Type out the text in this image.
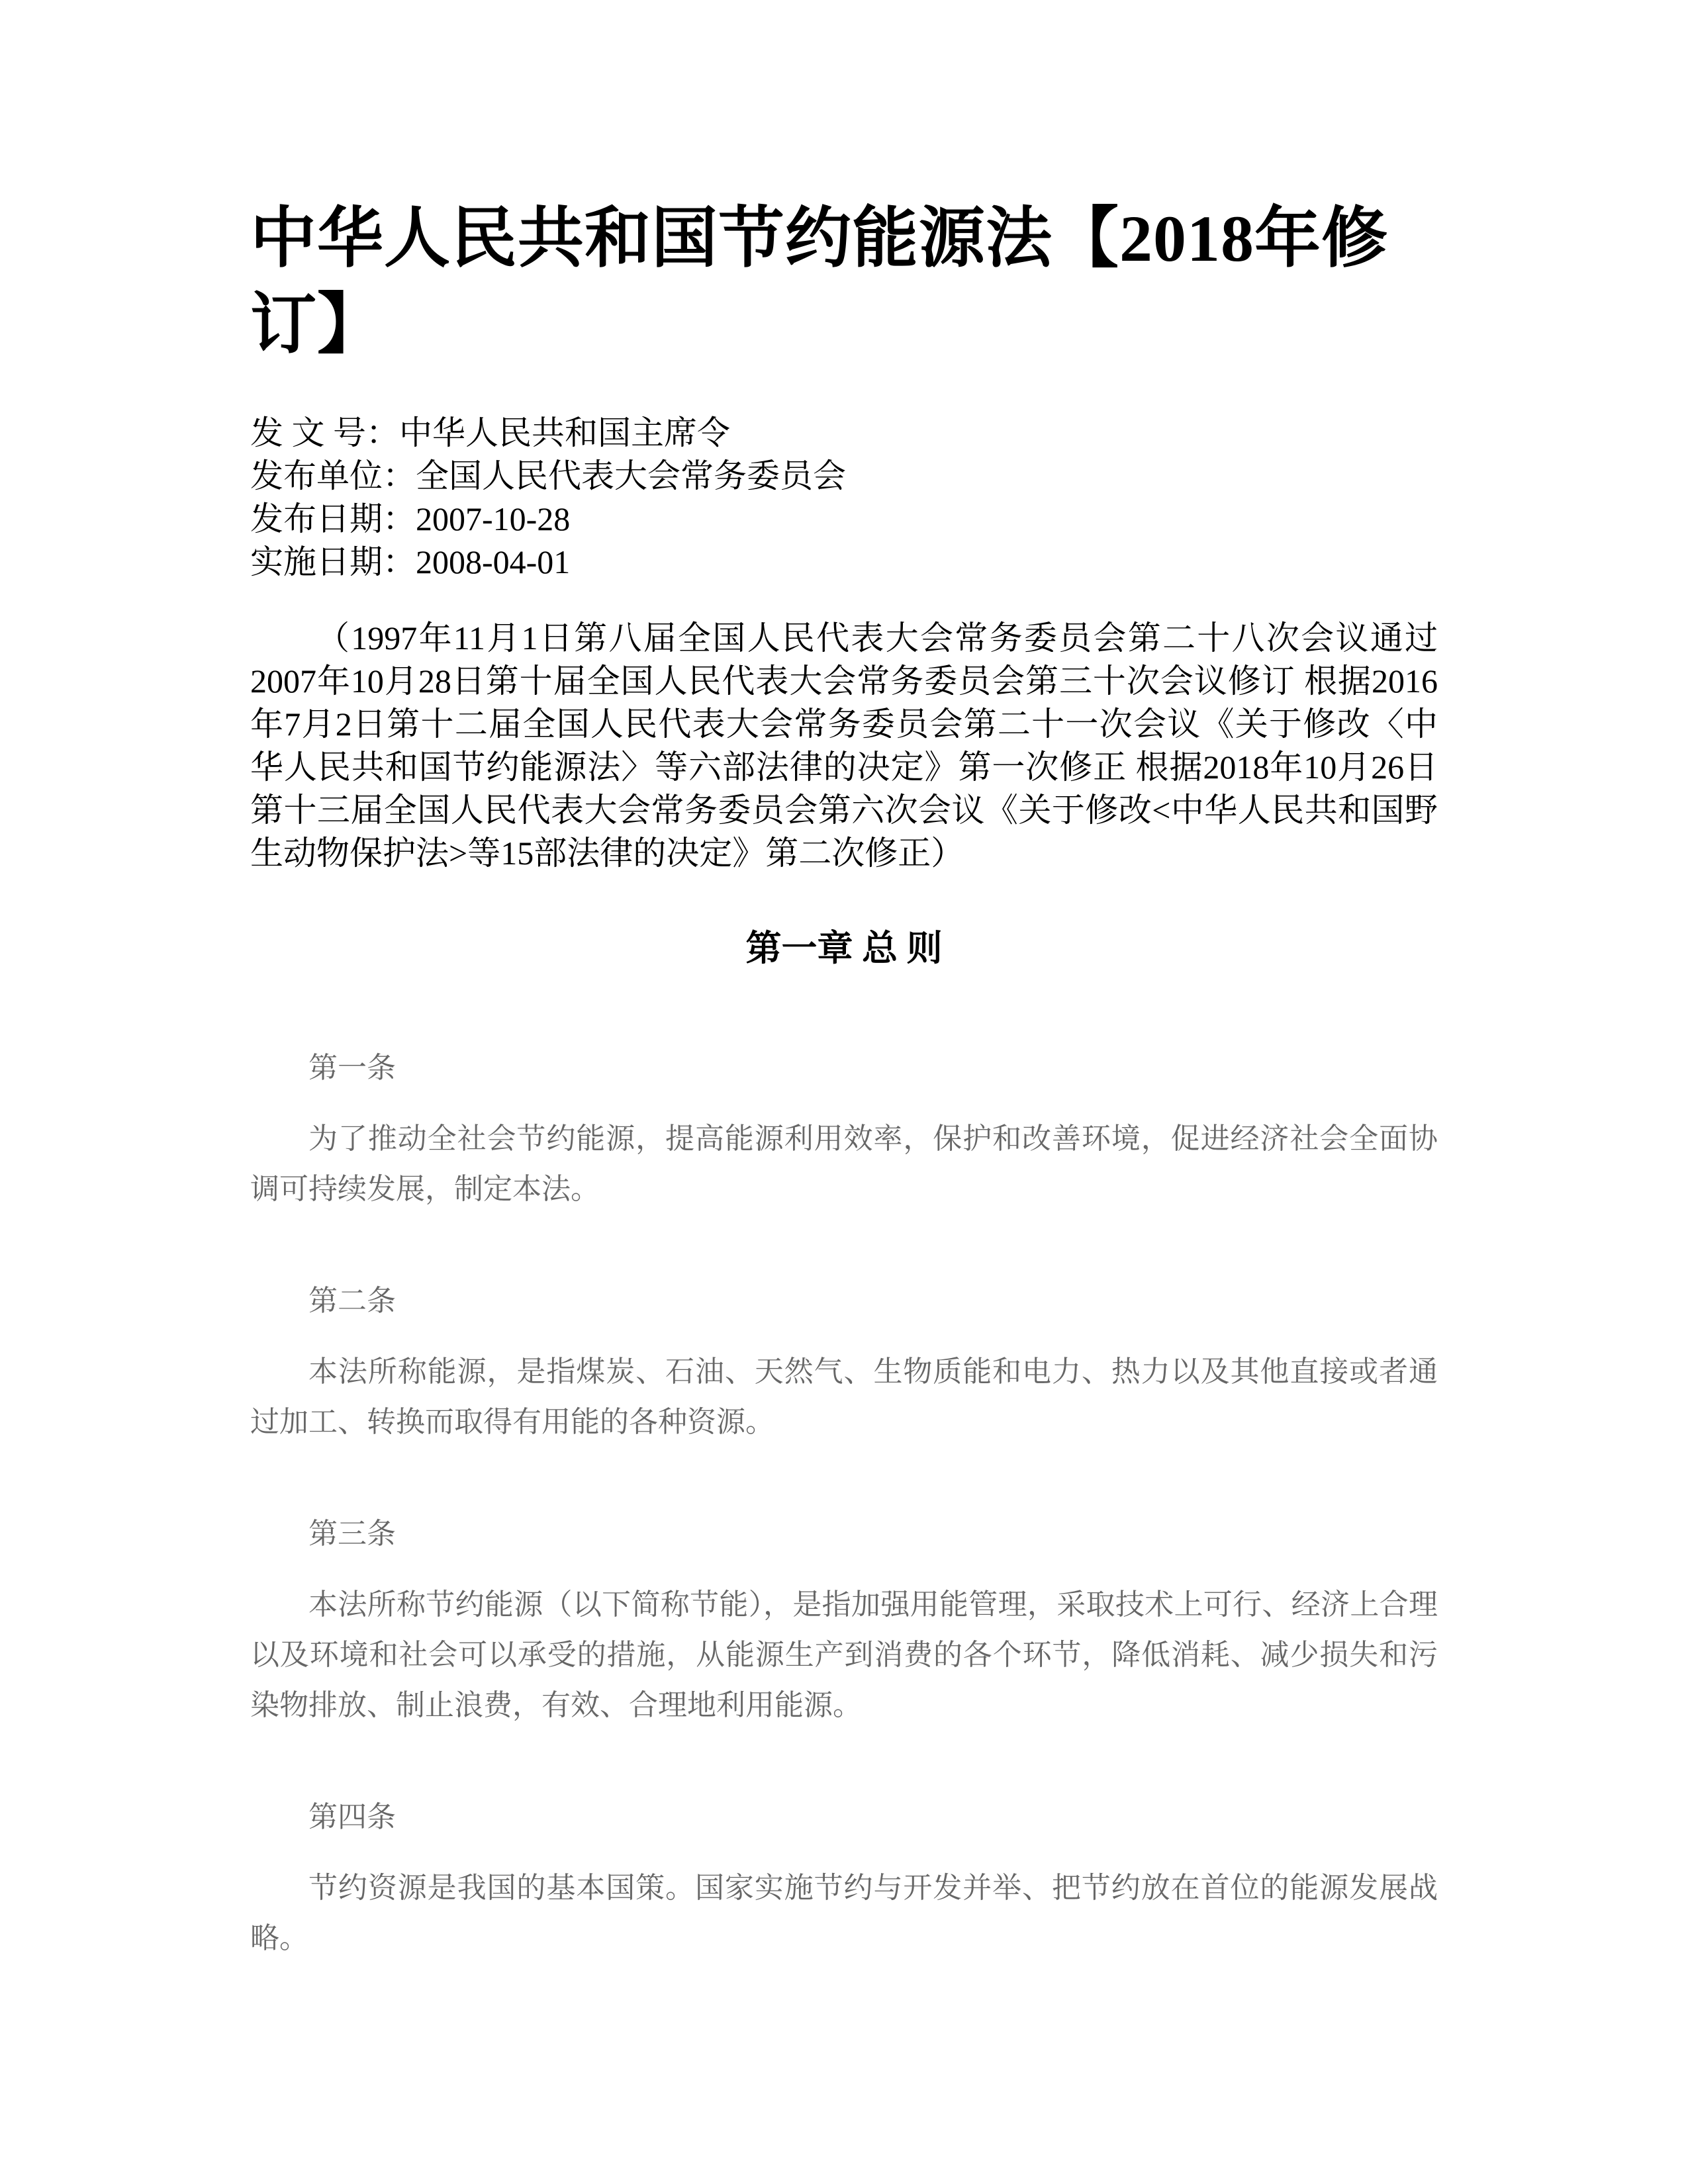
中华人民共和国节约能源法【2018年修订】

发 文 号：中华人民共和国主席令

发布单位：全国人民代表大会常务委员会

发布日期：2007-10-28

实施日期：2008-04-01

（1997年11月1日第八届全国人民代表大会常务委员会第二十八次会议通过 2007年10月28日第十届全国人民代表大会常务委员会第三十次会议修订 根据2016年7月2日第十二届全国人民代表大会常务委员会第二十一次会议《关于修改〈中华人民共和国节约能源法〉等六部法律的决定》第一次修正 根据2018年10月26日第十三届全国人民代表大会常务委员会第六次会议《关于修改<中华人民共和国野生动物保护法>等15部法律的决定》第二次修正）

第一章 总 则

第一条

为了推动全社会节约能源，提高能源利用效率，保护和改善环境，促进经济社会全面协调可持续发展，制定本法。

第二条

本法所称能源，是指煤炭、石油、天然气、生物质能和电力、热力以及其他直接或者通过加工、转换而取得有用能的各种资源。

第三条

本法所称节约能源（以下简称节能），是指加强用能管理，采取技术上可行、经济上合理以及环境和社会可以承受的措施，从能源生产到消费的各个环节，降低消耗、减少损失和污染物排放、制止浪费，有效、合理地利用能源。

第四条

节约资源是我国的基本国策。国家实施节约与开发并举、把节约放在首位的能源发展战略。
